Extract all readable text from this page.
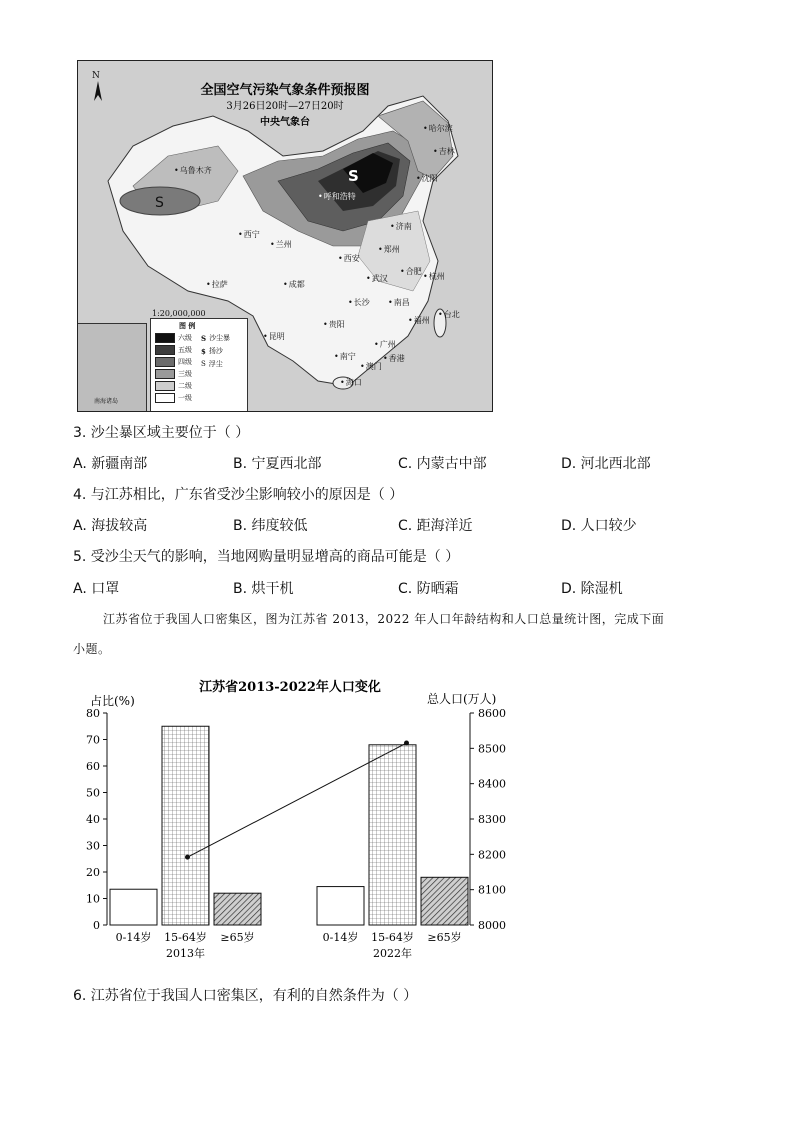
S
S
全国空气污染气象条件预报图
3月26日20时—27日20时
中央气象台
N
• 哈尔滨
• 乌鲁木齐
• 吉林
• 呼和浩特
• 沈阳
• 西宁
• 兰州
• 济南
• 郑州
• 西安
• 拉萨	• 成都
• 武汉
• 合肥
• 杭州
• 长沙	• 南昌
• 福州
• 贵阳
• 昆明
• 广州
• 南宁
• 台北
• 海口
• 香港
• 澳门
1:20,000,000
南海诸岛
图 例
六级
五级
四级
三级
二级
一级
S 沙尘暴
$ 扬沙
S 浮尘
3. 沙尘暴区域主要位于（ ）
A. 新疆南部	B. 宁夏西北部	C. 内蒙古中部	D. 河北西北部
4. 与江苏相比，广东省受沙尘影响较小的原因是（ ）
A. 海拔较高	B. 纬度较低	C. 距海洋近	D. 人口较少
5. 受沙尘天气的影响，当地网购量明显增高的商品可能是（ ）
A. 口罩	B. 烘干机	C. 防晒霜	D. 除湿机
江苏省位于我国人口密集区，图为江苏省 2013，2022 年人口年龄结构和人口总量统计图，完成下面
小题。
江苏省2013-2022年人口变化
占比(%)	总人口(万人)
0
10
20
30
40
50
60
70
80
8000
8100
8200
8300
8400
8500
8600
0-14岁 15-64岁 ≥65岁
2013年
0-14岁 15-64岁 ≥65岁
2022年
6. 江苏省位于我国人口密集区，有利的自然条件为（ ）
